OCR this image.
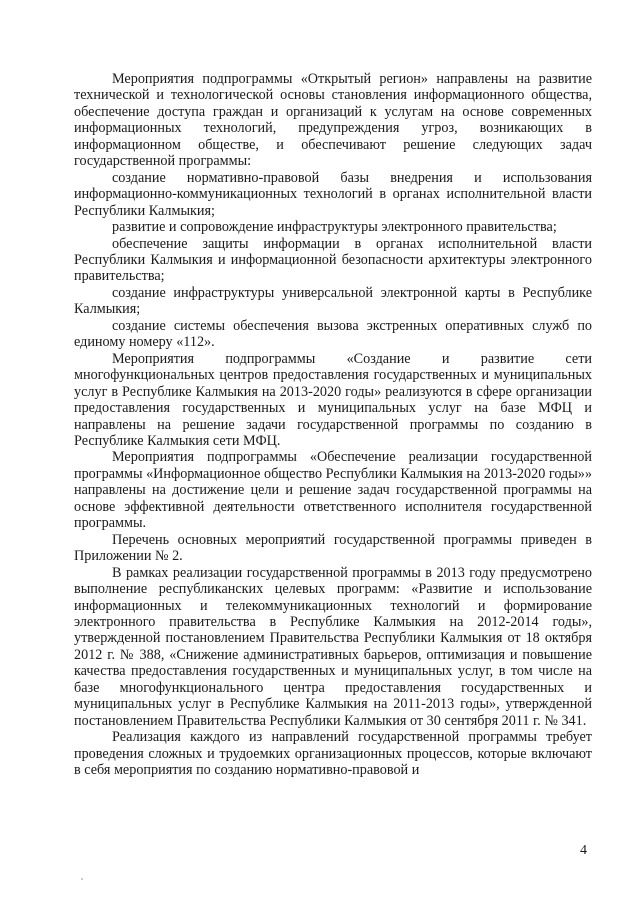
Мероприятия подпрограммы «Открытый регион» направлены на развитие технической и технологической основы становления информационного общества, обеспечение доступа граждан и организаций к услугам на основе современных информационных технологий, предупреждения угроз, возникающих в информационном обществе, и обеспечивают решение следующих задач государственной программы:

создание нормативно-правовой базы внедрения и использования информационно-коммуникационных технологий в органах исполнительной власти Республики Калмыкия;

развитие и сопровождение инфраструктуры электронного правительства;

обеспечение защиты информации в органах исполнительной власти Республики Калмыкия и информационной безопасности архитектуры электронного правительства;

создание инфраструктуры универсальной электронной карты в Республике Калмыкия;

создание системы обеспечения вызова экстренных оперативных служб по единому номеру «112».

Мероприятия подпрограммы «Создание и развитие сети многофункциональных центров предоставления государственных и муниципальных услуг в Республике Калмыкия на 2013-2020 годы» реализуются в сфере организации предоставления государственных и муниципальных услуг на базе МФЦ и направлены на решение задачи государственной программы по созданию в Республике Калмыкия сети МФЦ.

Мероприятия подпрограммы «Обеспечение реализации государственной программы «Информационное общество Республики Калмыкия на 2013-2020 годы»» направлены на достижение цели и решение задач государственной программы на основе эффективной деятельности ответственного исполнителя государственной программы.

Перечень основных мероприятий государственной программы приведен в Приложении № 2.

В рамках реализации государственной программы в 2013 году предусмотрено выполнение республиканских целевых программ: «Развитие и использование информационных и телекоммуникационных технологий и формирование электронного правительства в Республике Калмыкия на 2012-2014 годы», утвержденной постановлением Правительства Республики Калмыкия от 18 октября 2012 г. № 388, «Снижение административных барьеров, оптимизация и повышение качества предоставления государственных и муниципальных услуг, в том числе на базе многофункционального центра предоставления государственных и муниципальных услуг в Республике Калмыкия на 2011-2013 годы», утвержденной постановлением Правительства Республики Калмыкия от 30 сентября 2011 г. № 341.

Реализация каждого из направлений государственной программы требует проведения сложных и трудоемких организационных процессов, которые включают в себя мероприятия по созданию нормативно-правовой и

4
